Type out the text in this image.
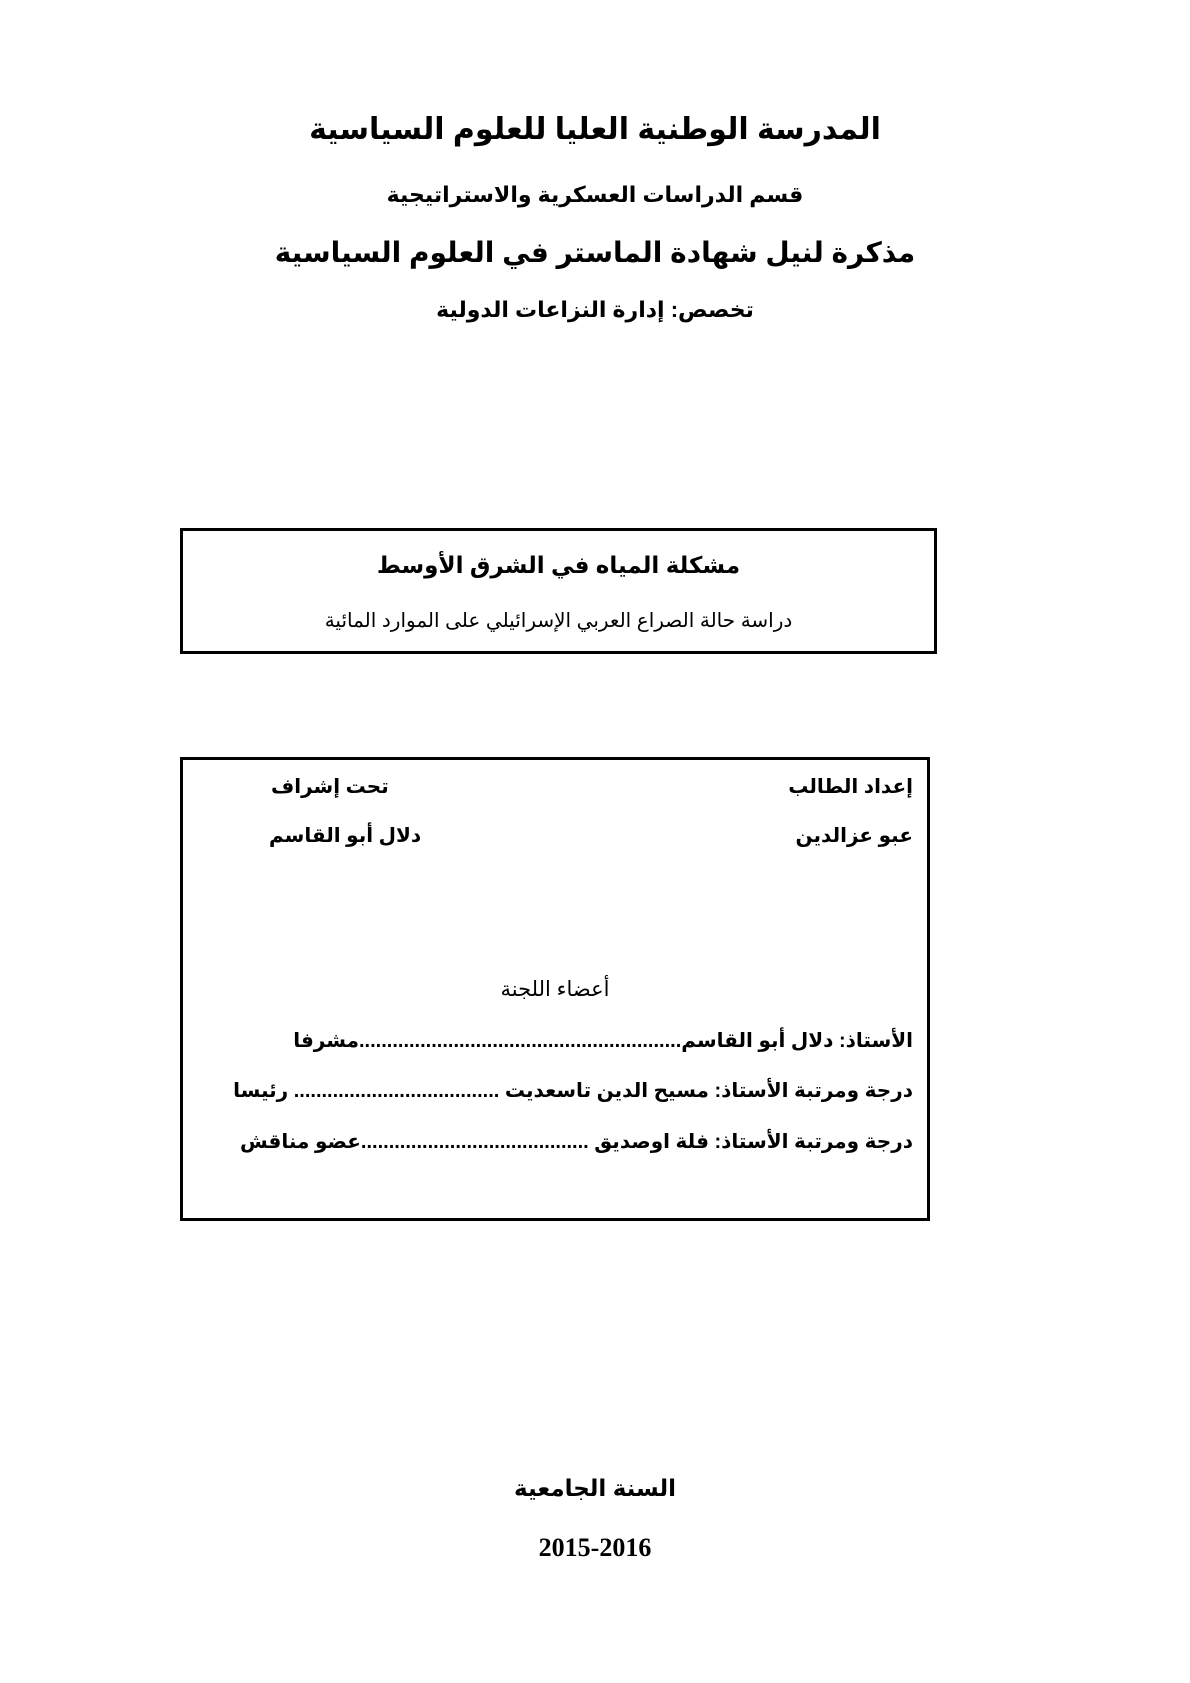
المدرسة الوطنية العليا للعلوم السياسية
قسم الدراسات العسكرية والاستراتيجية
مذكرة لنيل شهادة الماستر في العلوم السياسية
تخصص: إدارة النزاعات الدولية
مشكلة المياه في الشرق الأوسط
دراسة حالة الصراع العربي الإسرائيلي على الموارد المائية
إعداد الطالب
عبو عزالدين
تحت إشراف
دلال أبو القاسم
أعضاء اللجنة
الأستاذ: دلال أبو القاسم..........................................................مشرفا
درجة ومرتبة الأستاذ: مسيح الدين تاسعديت ..................................... رئيسا
درجة ومرتبة الأستاذ: فلة اوصديق .........................................عضو مناقش
السنة الجامعية
2015-2016
